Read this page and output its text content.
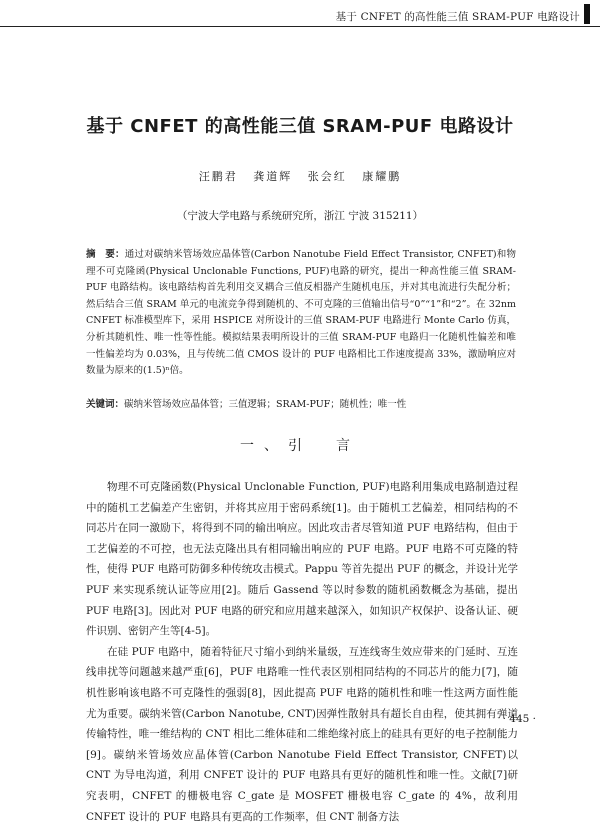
基于 CNFET 的高性能三值 SRAM-PUF 电路设计
基于 CNFET 的高性能三值 SRAM-PUF 电路设计
汪鹏君 龚道辉 张会红 康耀鹏
（宁波大学电路与系统研究所，浙江 宁波 315211）
摘　要：通过对碳纳米管场效应晶体管(Carbon Nanotube Field Effect Transistor, CNFET)和物理不可克隆函(Physical Unclonable Functions, PUF)电路的研究，提出一种高性能三值 SRAM-PUF 电路结构。该电路结构首先利用交叉耦合三值反相器产生随机电压，并对其电流进行失配分析；然后结合三值 SRAM 单元的电流竞争得到随机的、不可克隆的三值输出信号“0”“1”和“2”。在 32nm CNFET 标准模型库下，采用 HSPICE 对所设计的三值 SRAM-PUF 电路进行 Monte Carlo 仿真，分析其随机性、唯一性等性能。模拟结果表明所设计的三值 SRAM-PUF 电路归一化随机性偏差和唯一性偏差均为 0.03%，且与传统二值 CMOS 设计的 PUF 电路相比工作速度提高 33%，激励响应对数量为原来的(1.5)ⁿ倍。
关键词：碳纳米管场效应晶体管；三值逻辑；SRAM-PUF；随机性；唯一性
一、引　言

物理不可克隆函数(Physical Unclonable Function, PUF)电路利用集成电路制造过程中的随机工艺偏差产生密钥，并将其应用于密码系统[1]。由于随机工艺偏差，相同结构的不同芯片在同一激励下，将得到不同的输出响应。因此攻击者尽管知道 PUF 电路结构，但由于工艺偏差的不可控，也无法克隆出具有相同输出响应的 PUF 电路。PUF 电路不可克隆的特性，使得 PUF 电路可防御多种传统攻击模式。Pappu 等首先提出 PUF 的概念，并设计光学 PUF 来实现系统认证等应用[2]。随后 Gassend 等以时参数的随机函数概念为基础，提出 PUF 电路[3]。因此对 PUF 电路的研究和应用越来越深入，如知识产权保护、设备认证、硬件识别、密钥产生等[4-5]。

在硅 PUF 电路中，随着特征尺寸缩小到纳米量级，互连线寄生效应带来的门延时、互连线串扰等问题越来越严重[6]，PUF 电路唯一性代表区别相同结构的不同芯片的能力[7]，随机性影响该电路不可克隆性的强弱[8]，因此提高 PUF 电路的随机性和唯一性这两方面性能尤为重要。碳纳米管(Carbon Nanotube, CNT)因弹性散射具有超长自由程，使其拥有弹道传输特性，唯一维结构的 CNT 相比二维体硅和二维绝缘衬底上的硅具有更好的电子控制能力[9]。碳纳米管场效应晶体管(Carbon Nanotube Field Effect Transistor, CNFET)以 CNT 为导电沟道，利用 CNFET 设计的 PUF 电路具有更好的随机性和唯一性。文献[7]研究表明，CNFET 的栅极电容 C_gate 是 MOSFET 栅极电容 C_gate 的 4%，故利用 CNFET 设计的 PUF 电路具有更高的工作频率，但 CNT 制备方法

· 445 ·
